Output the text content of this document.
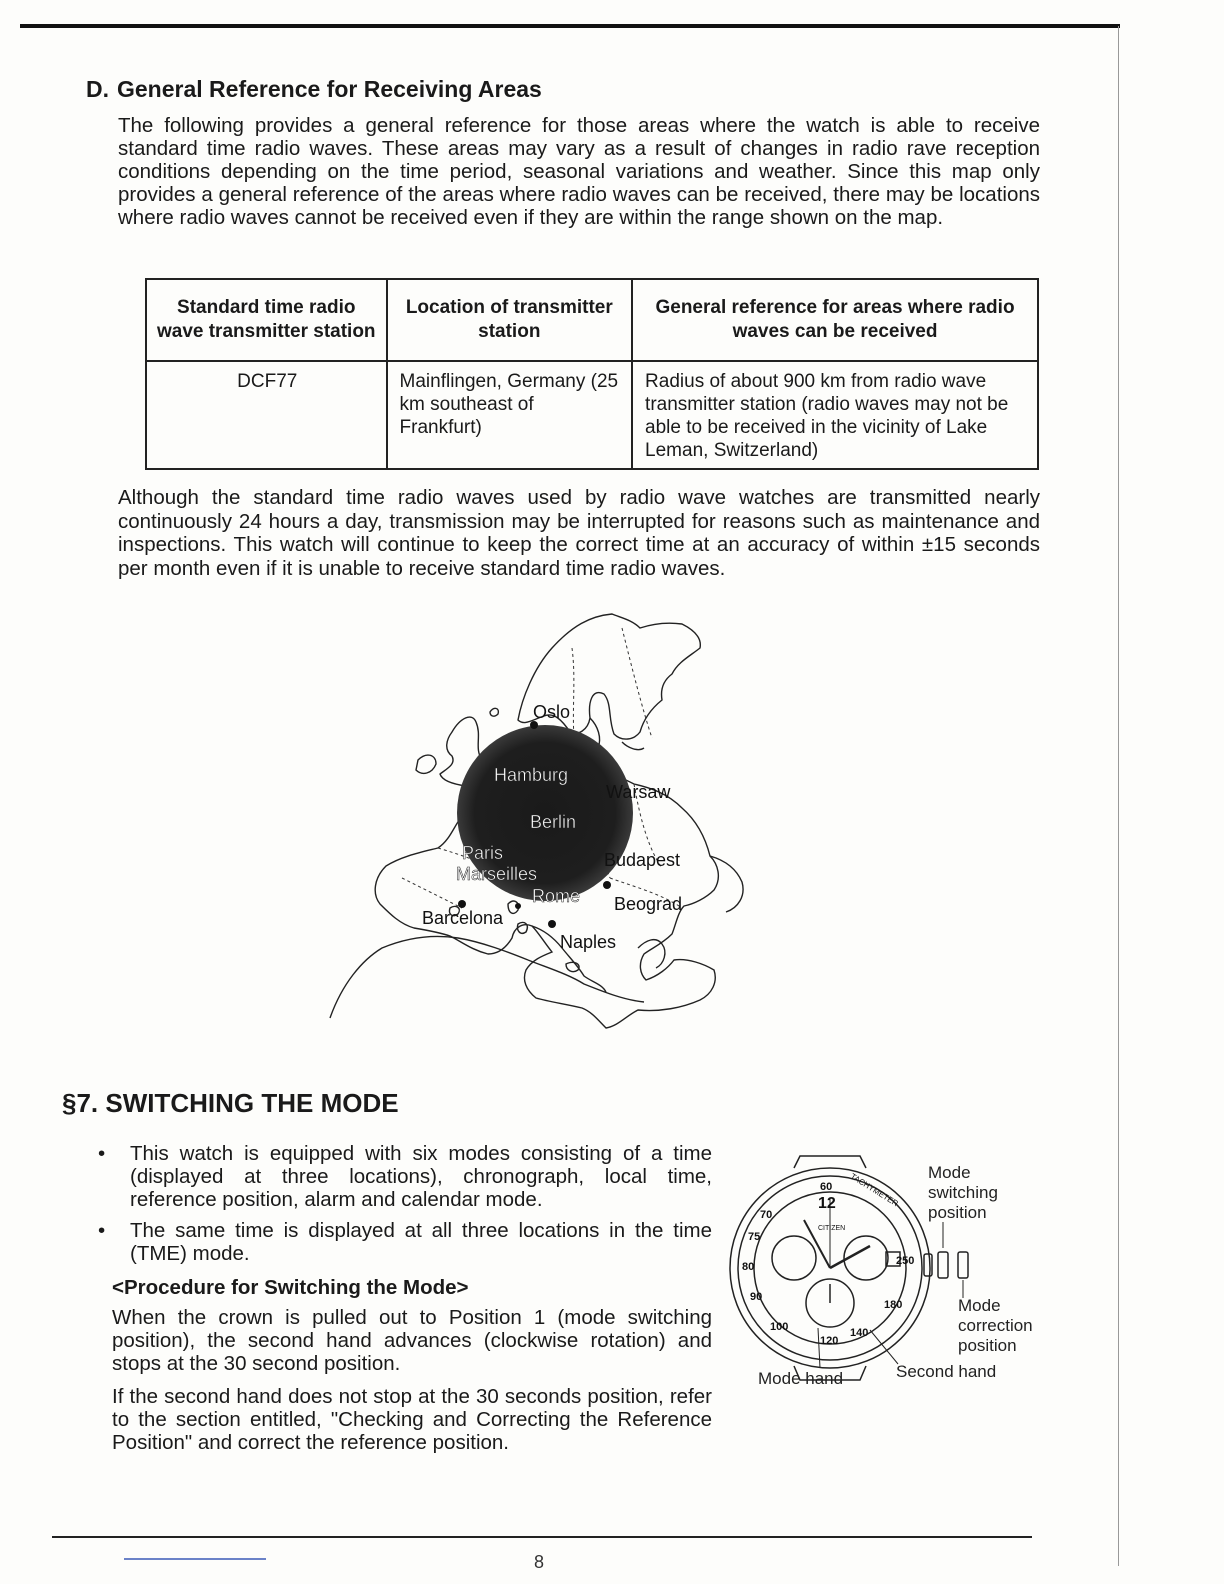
D. General Reference for Receiving Areas

The following provides a general reference for those areas where the watch is able to receive standard time radio waves. These areas may vary as a result of changes in radio rave reception conditions depending on the time period, seasonal variations and weather. Since this map only provides a general reference of the areas where radio waves can be received, there may be locations where radio waves cannot be received even if they are within the range shown on the map.

Standard time radio wave transmitter station	Location of transmitter station	General reference for areas where radio waves can be received
DCF77	Mainflingen, Germany (25 km southeast of Frankfurt)	Radius of about 900 km from radio wave transmitter station (radio waves may not be able to be received in the vicinity of Lake Leman, Switzerland)

Although the standard time radio waves used by radio wave watches are transmitted nearly continuously 24 hours a day, transmission may be interrupted for reasons such as maintenance and inspections. This watch will continue to keep the correct time at an accuracy of within ±15 seconds per month even if it is unable to receive standard time radio waves.

Oslo
Hamburg
Warsaw
Berlin
Paris	Budapest
Marseilles
Rome Beograd
Barcelona
Naples
§7. SWITCHING THE MODE

• This watch is equipped with six modes consisting of a time (displayed at three locations), chronograph, local time, reference position, alarm and calendar mode.

• The same time is displayed at all three locations in the time (TME) mode.

<Procedure for Switching the Mode>

When the crown is pulled out to Position 1 (mode switching position), the second hand advances (clockwise rotation) and stops at the 30 second position.

If the second hand does not stop at the 30 seconds position, refer to the section entitled, "Checking and Correcting the Reference Position" and correct the reference position.

60
70
75
80
90
100
120
140
180
250
12
CITIZEN
TACHYMETER Mode switching position
Mode correction position
Second hand
Mode hand
8
